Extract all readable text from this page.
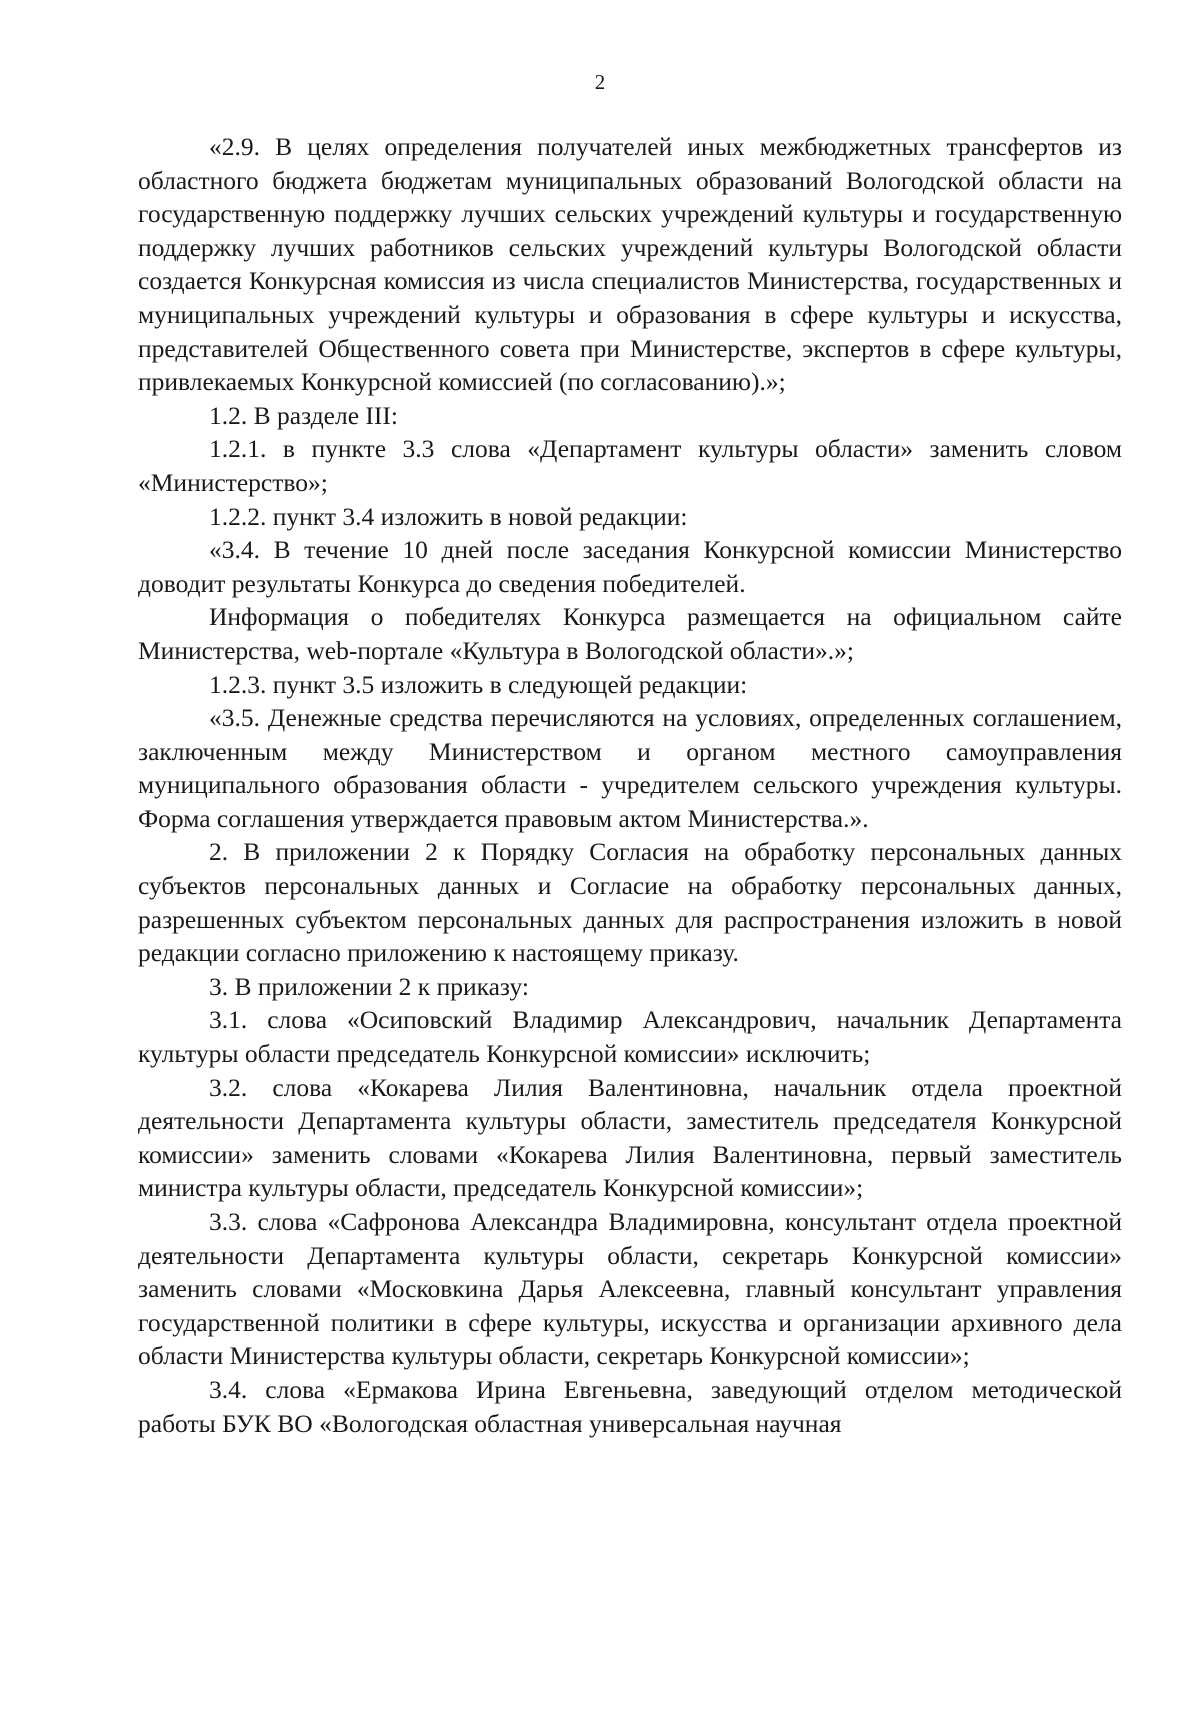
2

«2.9. В целях определения получателей иных межбюджетных трансфертов из областного бюджета бюджетам муниципальных образований Вологодской области на государственную поддержку лучших сельских учреждений культуры и государственную поддержку лучших работников сельских учреждений культуры Вологодской области создается Конкурсная комиссия из числа специалистов Министерства, государственных и муниципальных учреждений культуры и образования в сфере культуры и искусства, представителей Общественного совета при Министерстве, экспертов в сфере культуры, привлекаемых Конкурсной комиссией (по согласованию).»;

1.2. В разделе III:

1.2.1. в пункте 3.3 слова «Департамент культуры области» заменить словом «Министерство»;

1.2.2. пункт 3.4 изложить в новой редакции:

«3.4. В течение 10 дней после заседания Конкурсной комиссии Министерство доводит результаты Конкурса до сведения победителей.

Информация о победителях Конкурса размещается на официальном сайте Министерства, web-портале «Культура в Вологодской области».»;

1.2.3. пункт 3.5 изложить в следующей редакции:

«3.5. Денежные средства перечисляются на условиях, определенных соглашением, заключенным между Министерством и органом местного самоуправления муниципального образования области - учредителем сельского учреждения культуры. Форма соглашения утверждается правовым актом Министерства.».

2. В приложении 2 к Порядку Согласия на обработку персональных данных субъектов персональных данных и Согласие на обработку персональных данных, разрешенных субъектом персональных данных для распространения изложить в новой редакции согласно приложению к настоящему приказу.

3. В приложении 2 к приказу:

3.1. слова «Осиповский Владимир Александрович, начальник Департамента культуры области председатель Конкурсной комиссии» исключить;

3.2. слова «Кокарева Лилия Валентиновна, начальник отдела проектной деятельности Департамента культуры области, заместитель председателя Конкурсной комиссии» заменить словами «Кокарева Лилия Валентиновна, первый заместитель министра культуры области, председатель Конкурсной комиссии»;

3.3. слова «Сафронова Александра Владимировна, консультант отдела проектной деятельности Департамента культуры области, секретарь Конкурсной комиссии» заменить словами «Московкина Дарья Алексеевна, главный консультант управления государственной политики в сфере культуры, искусства и организации архивного дела области Министерства культуры области, секретарь Конкурсной комиссии»;

3.4. слова «Ермакова Ирина Евгеньевна, заведующий отделом методической работы БУК ВО «Вологодская областная универсальная научная
